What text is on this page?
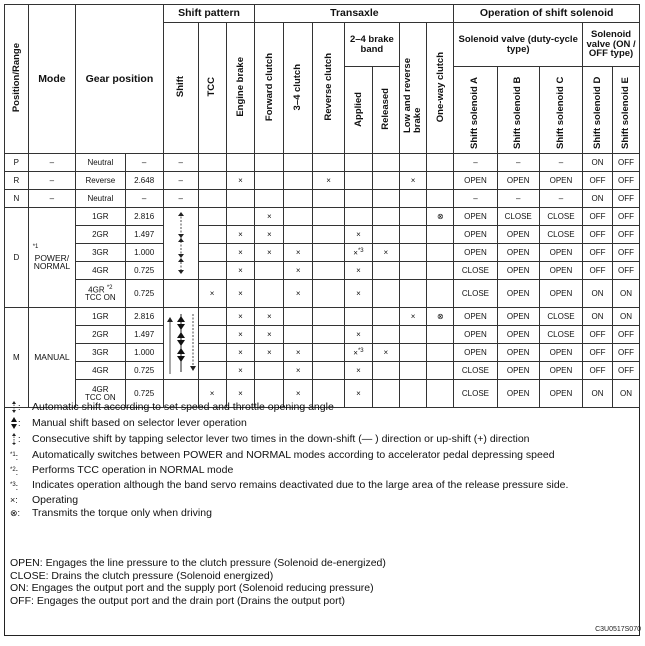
Position/Range	Mode	Gear position		Shift pattern			Transaxle							Operation of shift solenoid				
				Shift	TCC	Engine brake	Forward clutch	3–4 clutch	Reverse clutch	2–4 brake band		Low and reverse brake	One-way clutch	Solenoid valve (duty-cycle type)			Solenoid valve (ON / OFF type)	
										Applied	Released			Shift solenoid A	Shift solenoid B	Shift solenoid C	Shift solenoid D	Shift solenoid E
P	–	Neutral	–	–										–	–	–	ON	OFF
R	–	Reverse	2.648	–		×			×			×		OPEN	OPEN	OPEN	OFF	OFF
N	–	Neutral	–	–										–	–	–	ON	OFF
D	$^{*1}$
POWER/
NORMAL	1GR	2.816				×						⊗	OPEN	CLOSE	CLOSE	OFF	OFF
		2GR	1.497			×	×			×				OPEN	OPEN	CLOSE	OFF	OFF
		3GR	1.000			×	×	×		×$^{*3}$	×			OPEN	OPEN	OPEN	OFF	OFF
		4GR	0.725			×		×		×				CLOSE	OPEN	OPEN	OFF	OFF
		4GR $^{*2}$
TCC ON	0.725		×	×		×		×				CLOSE	OPEN	OPEN	ON	ON
M	MANUAL	1GR	2.816			×	×					×	⊗	OPEN	OPEN	CLOSE	ON	ON
		2GR	1.497			×	×			×				OPEN	OPEN	CLOSE	OFF	OFF
		3GR	1.000			×	×	×		×$^{*3}$	×			OPEN	OPEN	OPEN	OFF	OFF
		4GR	0.725			×		×		×				CLOSE	OPEN	OPEN	OFF	OFF
		4GR
TCC ON	0.725		×	×		×		×				CLOSE	OPEN	OPEN	ON	ON
: Automatic shift according to set speed and throttle opening angle
: Manual shift based on selector lever operation
: Consecutive shift by tapping selector lever two times in the down-shift (— ) direction or up-shift (+) direction
$^{*1}$:	Automatically switches between POWER and NORMAL modes according to accelerator pedal depressing speed
$^{*2}$:	Performs TCC operation in NORMAL mode
$^{*3}$:	Indicates operation although the band servo remains deactivated due to the large area of the release pressure side.
×:	Operating
⊗:	Transmits the torque only when driving
OPEN: Engages the line pressure to the clutch pressure (Solenoid de-energized)
CLOSE: Drains the clutch pressure (Solenoid energized)
ON: Engages the output port and the supply port (Solenoid reducing pressure)
OFF: Engages the output port and the drain port (Drains the output port)
C3U0517S070
